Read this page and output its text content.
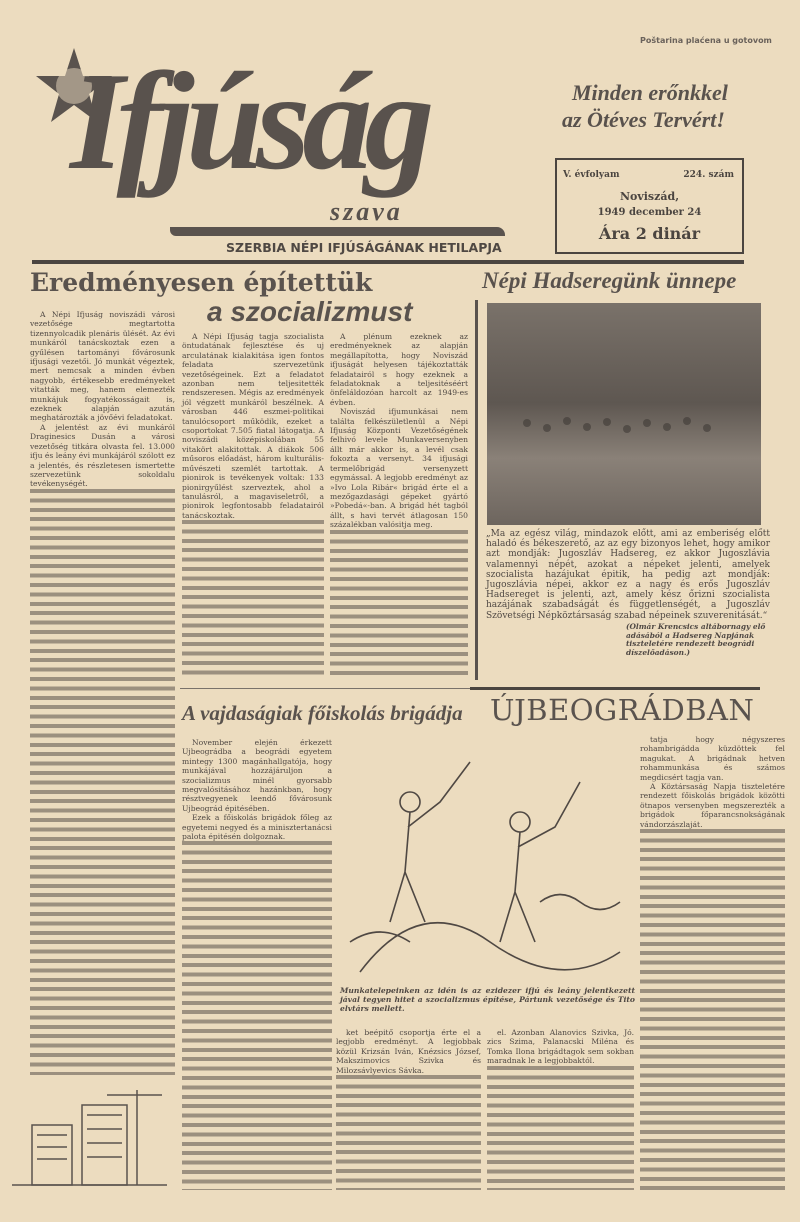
Poštarina plaćena u gotovom
Ifjúság
szava
SZERBIA NÉPI IFJÚSÁGÁNAK HETILAPJA
Minden erőnkkel
az Ötéves Tervért!
V. évfolyam	224. szám
Noviszád,
1949 december 24
Ára 2 dinár
Eredményesen építettük
a szocializmust

A Népi Ifjuság noviszádi városi vezetősége megtartotta tizennyolcadik plenáris ülését. Az évi munkáról tanácskoztak ezen a gyűlésen tartományi fővárosunk ifjusági vezetői. Jó munkát végeztek, mert nemcsak a minden évben nagyobb, értékesebb eredményeket vitatták meg, hanem elemezték munkájuk fogyatékosságait is, ezeknek alapján azután meghatározták a jövőévi feladatokat.

A jelentést az évi munkáról Draginesics Dusán a városi vezetőség titkára olvasta fel. 13.000 ifju és leány évi munkájáról szólott ez a jelentés, és részletesen ismertette szervezetünk sokoldalu tevékenységét.

A Népi Ifjuság tagja szocialista öntudatának fejlesztése és uj arculatának kialakitása igen fontos feladata szervezetünk vezetőségeinek. Ezt a feladatot azonban nem teljesitették rendszeresen. Mégis az eredmények jól végzett munkáról beszélnek. A városban 446 eszmei-politikai tanulócsoport működik, ezeket a csoportokat 7.505 fiatal látogatja. A noviszádi középiskolában 55 vitakört alakitottak. A diákok 506 műsoros előadást, három kulturális-művészeti szemlét tartottak. A pionirok is tevékenyek voltak: 133 pionirgyűlést szerveztek, ahol a tanulásról, a magaviseletről, a pionirok legfontosabb feladatairól tanácskoztak.

A plénum ezeknek az eredményeknek az alapján megállapította, hogy Noviszád ifjuságát helyesen tájékoztatták feladatairól s hogy ezeknek a feladatoknak a teljesitéséért önfeláldozóan harcolt az 1949-es évben.

Noviszád ifjumunkásai nem találta felkészületlenül a Népi Ifjuság Központi Vezetőségének felhivó levele Munkaversenyben állt már akkor is, a levél csak fokozta a versenyt. 34 ifjusági termelőbrigád versenyzett egymással. A legjobb eredményt az »Ivo Lola Ribár« brigád érte el a mezőgazdasági gépeket gyártó »Pobedá«-ban. A brigád hét tagból állt, s havi tervét átlagosan 150 százalékban valósitja meg.

Népi Hadseregünk ünnepe
„Ma az egész világ, mindazok előtt, ami az emberiség előtt haladó és békeszerető, az az egy bizonyos lehet, hogy amikor azt mondják: Jugoszláv Hadsereg, ez akkor Jugoszlávia valamennyi népét, azokat a népeket jelenti, amelyek szocialista hazájukat épitik, ha pedig azt mondják: Jugoszlávia népei, akkor ez a nagy és erős Jugoszláv Hadsereget is jelenti, azt, amely kész őrizni szocialista hazájának szabadságát és függetlenségét, a Jugoszláv Szövetségi Népköztársaság szabad népeinek szuverenitását.“
(Olmár Krencsics altábornagy elő adásából a Hadsereg Napjának tiszteletére rendezett beográdi díszelőadáson.)
A vajdaságiak főiskolás brigádja ÚJBEOGRÁDBAN

November elején érkezett Ujbeográdba a beográdi egyetem mintegy 1300 magánhallgatója, hogy munkájával hozzájáruljon a szocializmus minél gyorsabb megvalósitásához hazánkban, hogy résztvegyenek leendő fővárosunk Ujbeográd épitésében.

Ezek a főiskolás brigádok főleg az egyetemi negyed és a minisztertanácsi palota épitésén dolgoznak.

Munkatelepeinken az idén is az ezidezer ifjú és leány jelentkezett jával tegyen hitet a szocializmus építése, Pártunk vezetősége és Tito elvtárs mellett.

ket beépitő csoportja érte el a legjobb eredményt. A legjobbak közül Krizsán Iván, Knézsics József, Makszimovics Szivka és Milozsávlyevics Sávka.

el. Azonban Alanovics Szivka, Jó. zics Szima, Palanacski Miléna és Tomka Ilona brigádtagok sem sokban maradnak le a legjobbaktól.

tatja hogy négyszeres rohambrigádda küzdöttek fel magukat. A brigádnak hetven rohammunkása és számos megdicsért tagja van.

A Köztársaság Napja tiszteletére rendezett főiskolás brigádok közötti ötnapos versenyben megszerezték a brigádok főparancsnokságának vándorzászlaját.
